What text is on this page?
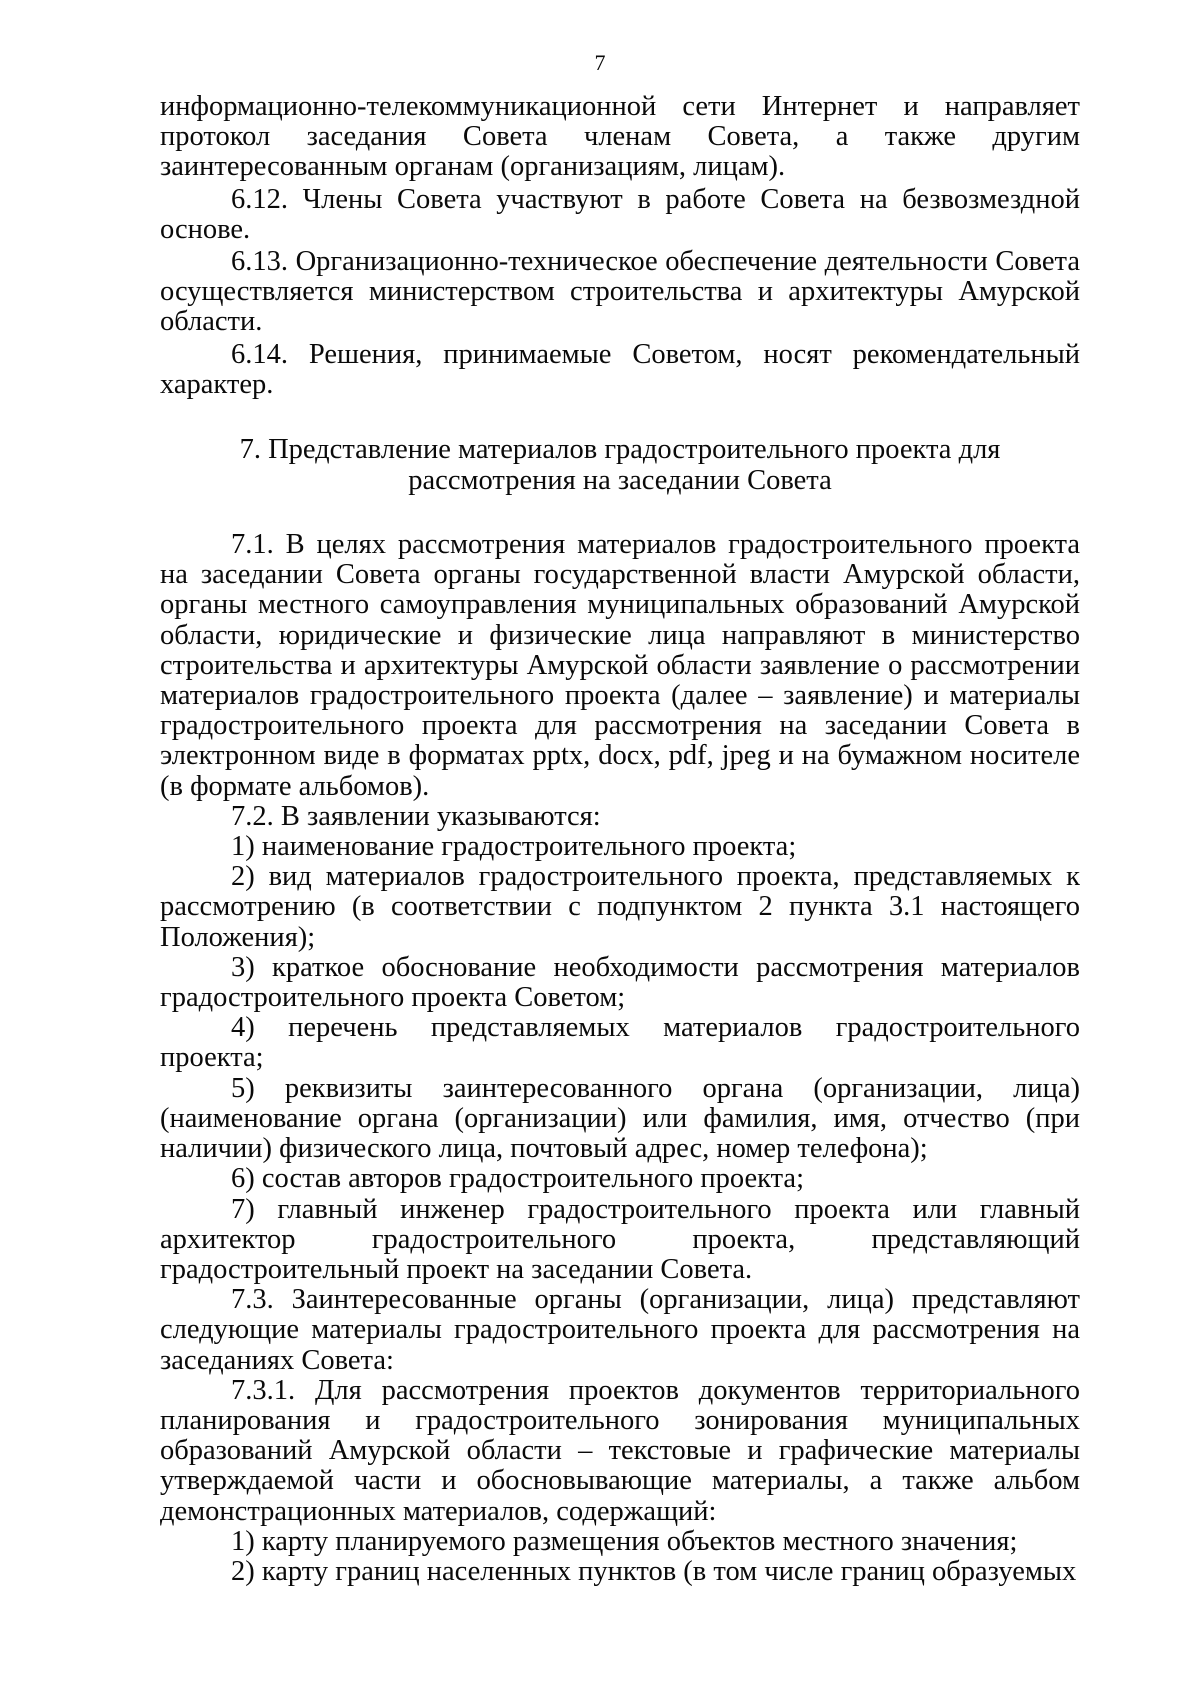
7

информационно-телекоммуникационной сети Интернет и направляет протокол заседания Совета членам Совета, а также другим заинтересованным органам (организациям, лицам).

6.12. Члены Совета участвуют в работе Совета на безвозмездной основе.

6.13. Организационно-техническое обеспечение деятельности Совета осуществляется министерством строительства и архитектуры Амурской области.

6.14. Решения, принимаемые Советом, носят рекомендательный характер.

7. Представление материалов градостроительного проекта для
рассмотрения на заседании Совета

7.1. В целях рассмотрения материалов градостроительного проекта на заседании Совета органы государственной власти Амурской области, органы местного самоуправления муниципальных образований Амурской области, юридические и физические лица направляют в министерство строительства и архитектуры Амурской области заявление о рассмотрении материалов градостроительного проекта (далее – заявление) и материалы градостроительного проекта для рассмотрения на заседании Совета в электронном виде в форматах pptx, docx, pdf, jpeg и на бумажном носителе (в формате альбомов).

7.2. В заявлении указываются:

1) наименование градостроительного проекта;

2) вид материалов градостроительного проекта, представляемых к рассмотрению (в соответствии с подпунктом 2 пункта 3.1 настоящего Положения);

3) краткое обоснование необходимости рассмотрения материалов градостроительного проекта Советом;

4) перечень представляемых материалов градостроительного проекта;

5) реквизиты заинтересованного органа (организации, лица) (наименование органа (организации) или фамилия, имя, отчество (при наличии) физического лица, почтовый адрес, номер телефона);

6) состав авторов градостроительного проекта;

7) главный инженер градостроительного проекта или главный архитектор градостроительного проекта, представляющий градостроительный проект на заседании Совета.

7.3. Заинтересованные органы (организации, лица) представляют следующие материалы градостроительного проекта для рассмотрения на заседаниях Совета:

7.3.1. Для рассмотрения проектов документов территориального планирования и градостроительного зонирования муниципальных образований Амурской области – текстовые и графические материалы утверждаемой части и обосновывающие материалы, а также альбом демонстрационных материалов, содержащий:

1) карту планируемого размещения объектов местного значения;

2) карту границ населенных пунктов (в том числе границ образуемых
